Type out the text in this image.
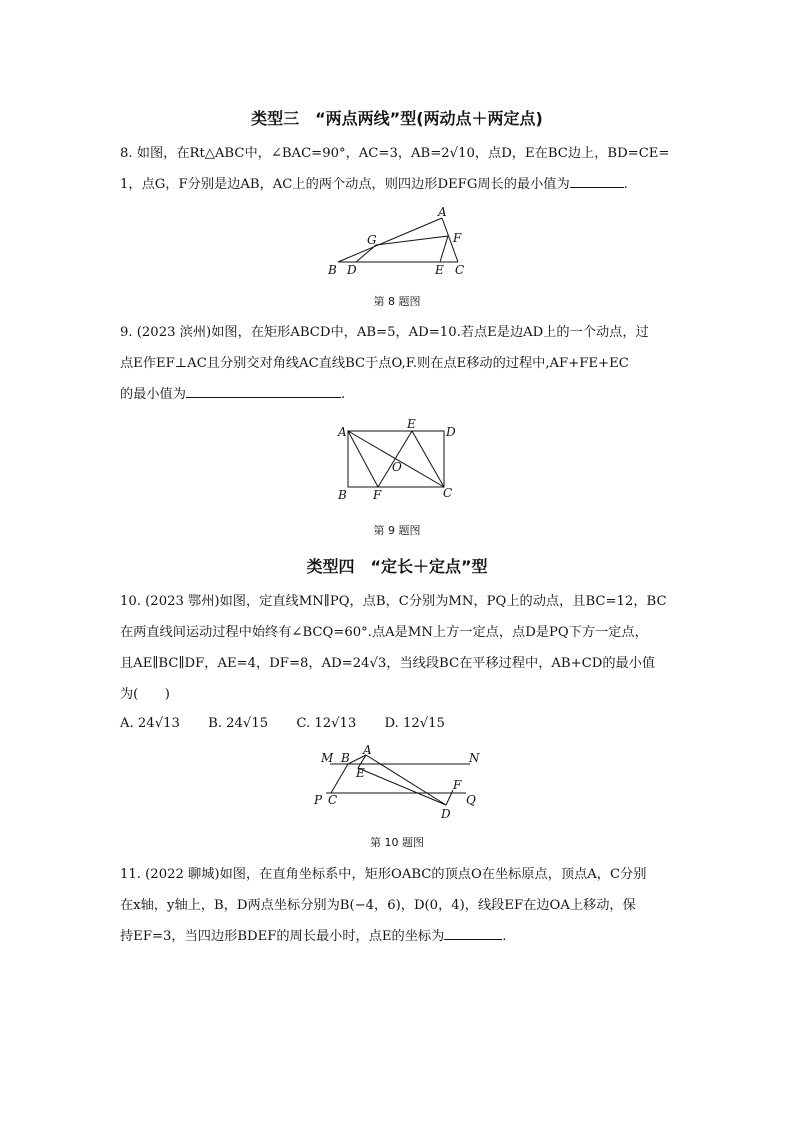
类型三　“两点两线”型(两动点＋两定点)
8. 如图，在Rt△ABC中，∠BAC=90°，AC=3，AB=2√10，点D，E在BC边上，BD=CE=
1，点G，F分别是边AB，AC上的两个动点，则四边形DEFG周长的最小值为	.
A
G	F
B D	E C
第 8 题图
9. (2023 滨州)如图，在矩形ABCD中，AB=5，AD=10.若点E是边AD上的一个动点，过
点E作EF⊥AC且分别交对角线AC直线BC于点O,F.则在点E移动的过程中,AF+FE+EC
的最小值为	.
A
E
D
O
B F	C
第 9 题图
类型四　“定长＋定点”型
10. (2023 鄂州)如图，定直线MN∥PQ，点B，C分别为MN，PQ上的动点，且BC=12，BC
在两直线间运动过程中始终有∠BCQ=60°.点A是MN上方一定点，点D是PQ下方一定点，
且AE∥BC∥DF，AE=4，DF=8，AD=24√3，当线段BC在平移过程中，AB+CD的最小值
为(　　)
A. 24√13 B. 24√15 C. 12√13 D. 12√15
M B
A
N
E
P C
F
Q
D
第 10 题图
11. (2022 聊城)如图，在直角坐标系中，矩形OABC的顶点O在坐标原点，顶点A，C分别
在x轴，y轴上，B，D两点坐标分别为B(−4，6)，D(0，4)，线段EF在边OA上移动，保
持EF=3，当四边形BDEF的周长最小时，点E的坐标为	.
